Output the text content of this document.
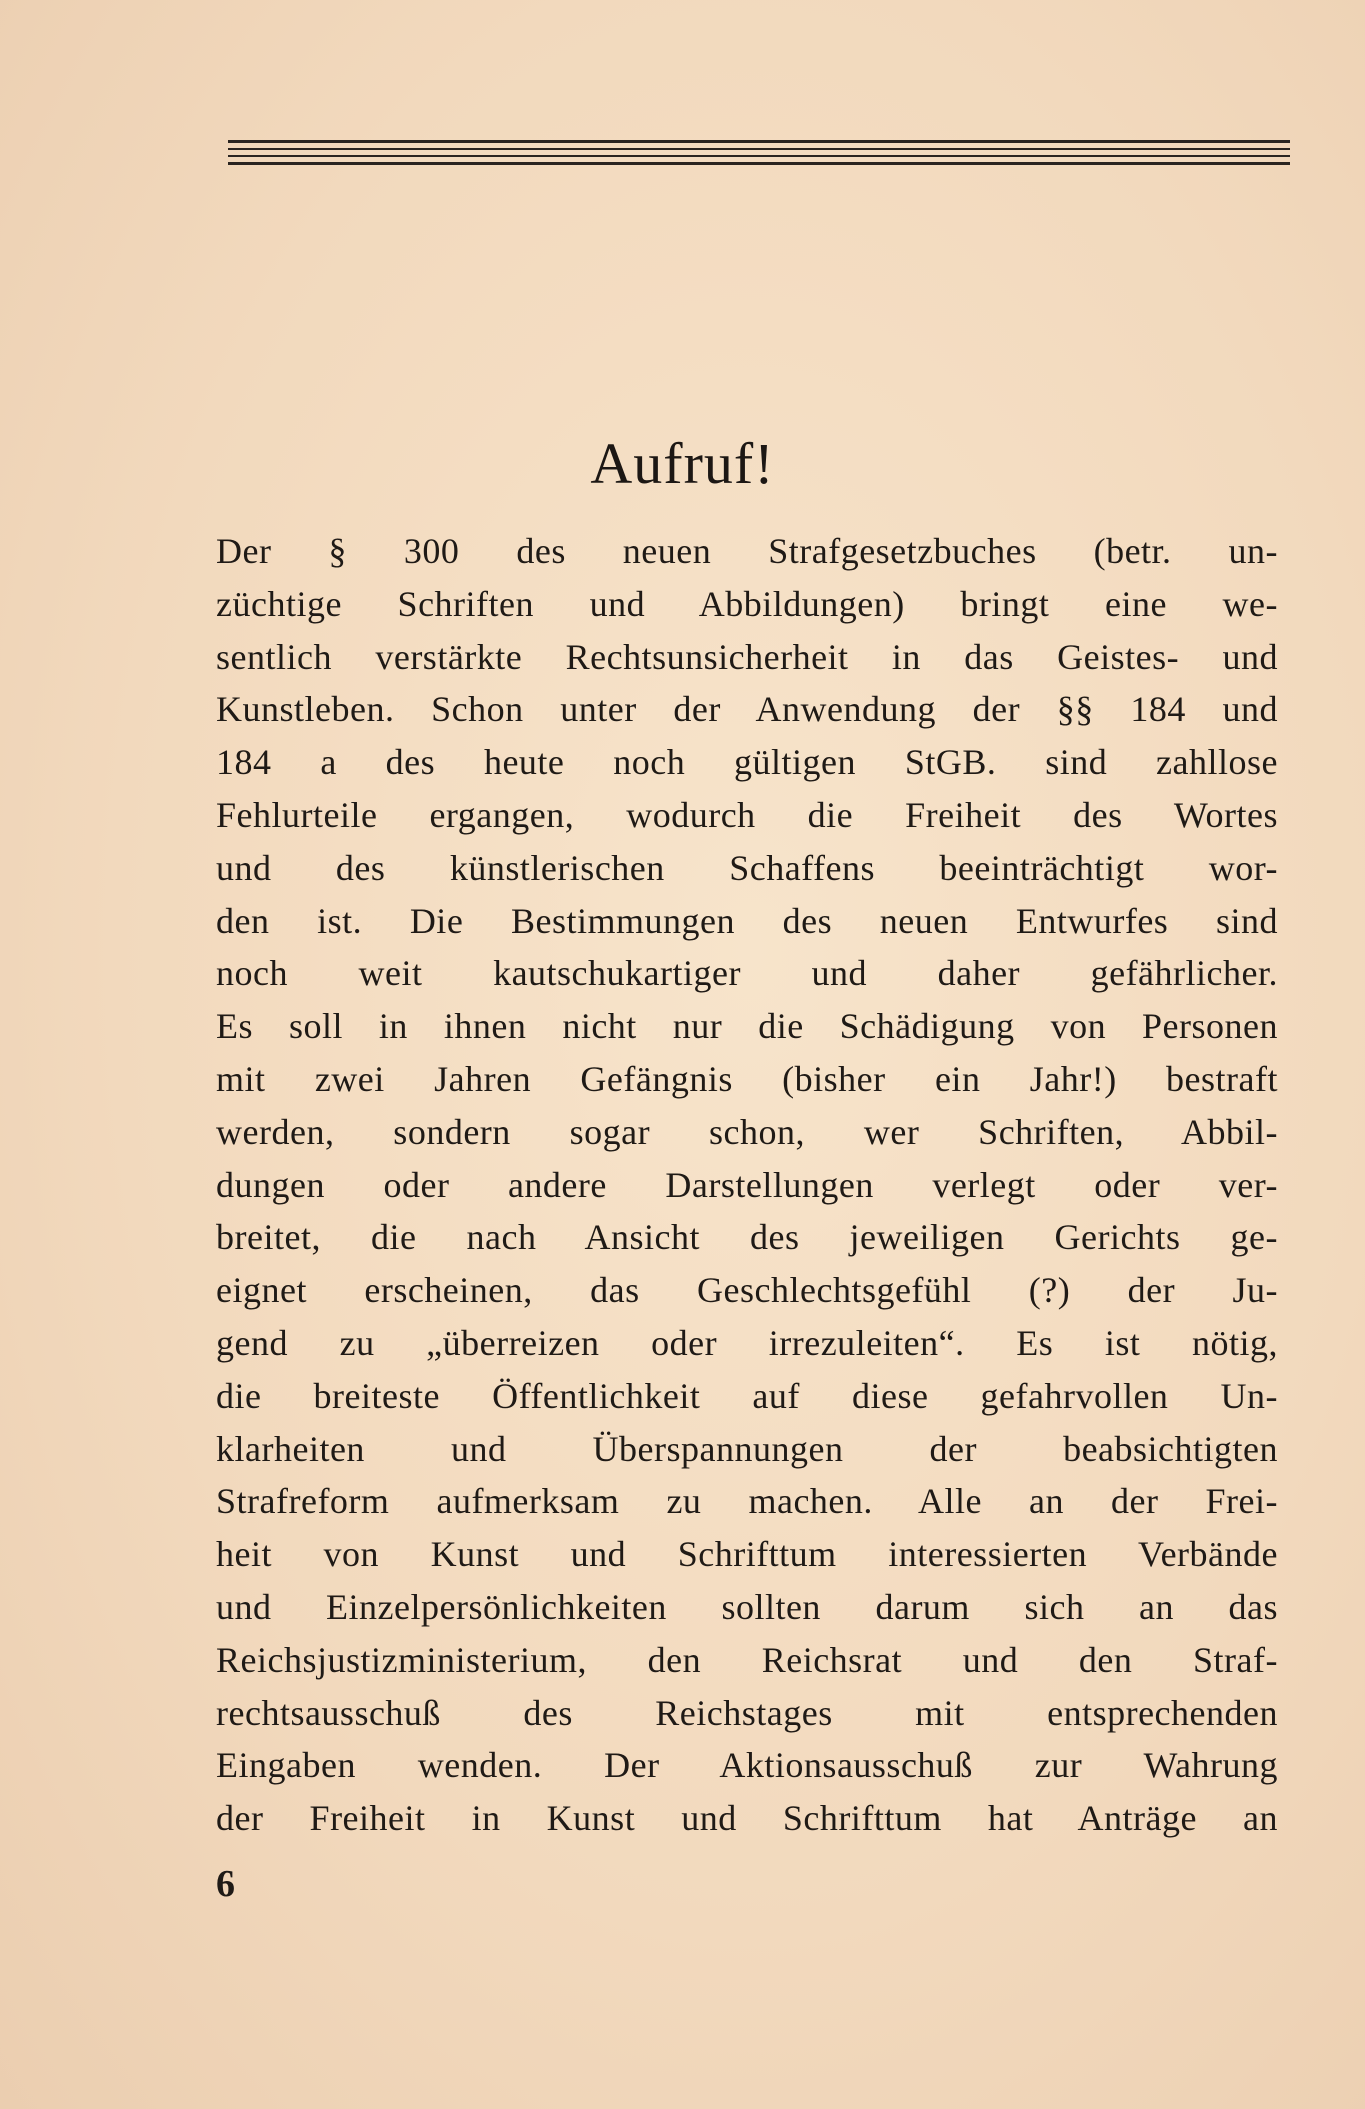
Aufruf!
Der § 300 des neuen Strafgesetzbuches (betr. un-
züchtige Schriften und Abbildungen) bringt eine we-
sentlich verstärkte Rechtsunsicherheit in das Geistes- und
Kunstleben. Schon unter der Anwendung der §§ 184 und
184 a des heute noch gültigen StGB. sind zahllose
Fehlurteile ergangen, wodurch die Freiheit des Wortes
und des künstlerischen Schaffens beeinträchtigt wor-
den ist. Die Bestimmungen des neuen Entwurfes sind
noch weit kautschukartiger und daher gefährlicher.
Es soll in ihnen nicht nur die Schädigung von Personen
mit zwei Jahren Gefängnis (bisher ein Jahr!) bestraft
werden, sondern sogar schon, wer Schriften, Abbil-
dungen oder andere Darstellungen verlegt oder ver-
breitet, die nach Ansicht des jeweiligen Gerichts ge-
eignet erscheinen, das Geschlechtsgefühl (?) der Ju-
gend zu „überreizen oder irrezuleiten“. Es ist nötig,
die breiteste Öffentlichkeit auf diese gefahrvollen Un-
klarheiten und Überspannungen der beabsichtigten
Strafreform aufmerksam zu machen. Alle an der Frei-
heit von Kunst und Schrifttum interessierten Verbände
und Einzelpersönlichkeiten sollten darum sich an das
Reichsjustizministerium, den Reichsrat und den Straf-
rechtsausschuß des Reichstages mit entsprechenden
Eingaben wenden. Der Aktionsausschuß zur Wahrung
der Freiheit in Kunst und Schrifttum hat Anträge an
6
